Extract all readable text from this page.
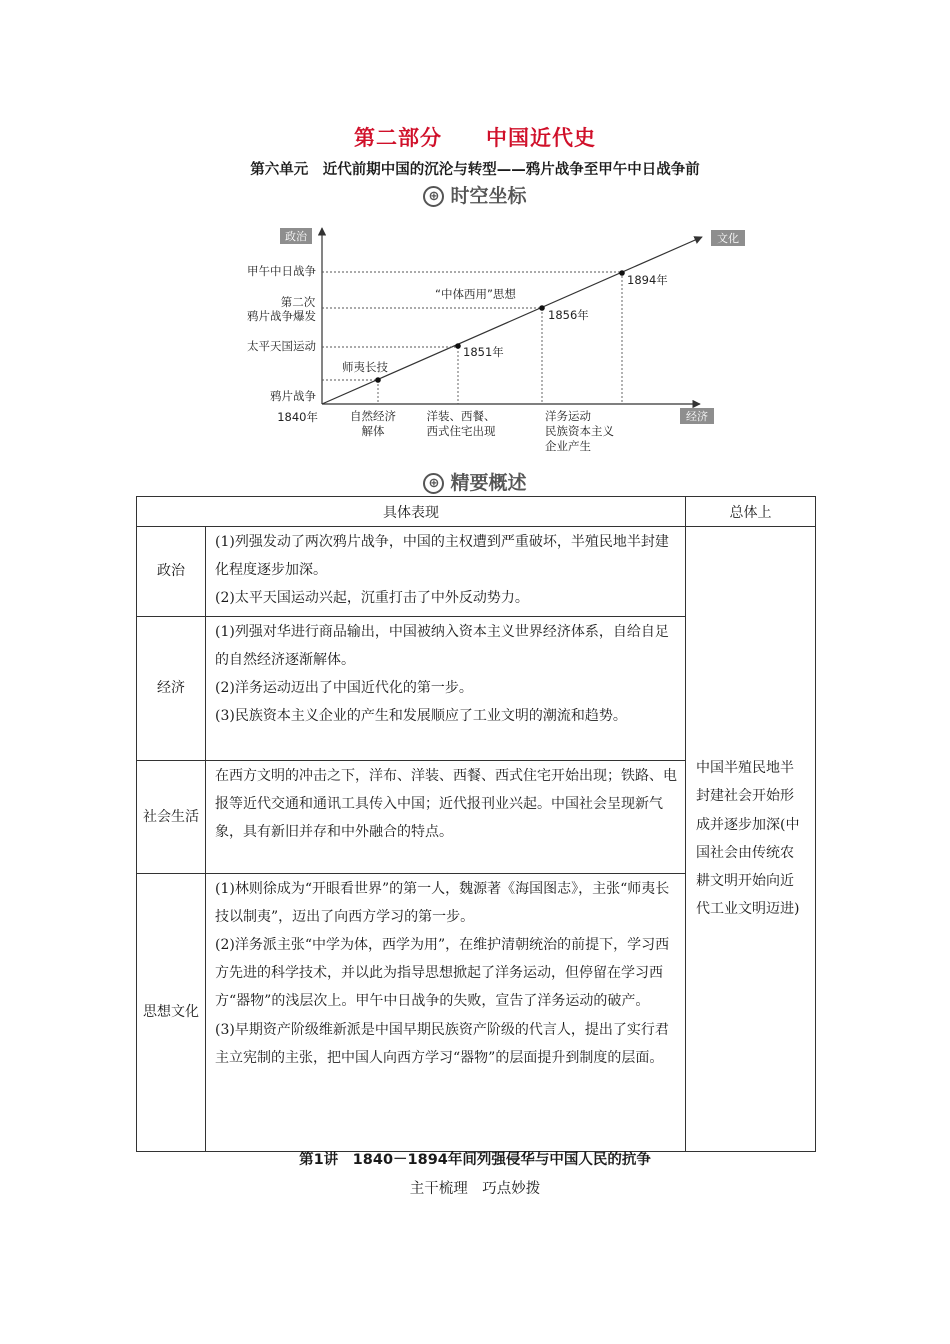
第二部分 中国近代史
第六单元　近代前期中国的沉沦与转型——鸦片战争至甲午中日战争前
⊕ 时空坐标
政治
经济
文化
甲午中日战争
第二次
鸦片战争爆发
太平天国运动
鸦片战争
1840年
师夷长技
1851年
1856年
1894年
“中体西用”思想
自然经济
解体
洋装、西餐、
西式住宅出现
洋务运动
民族资本主义
企业产生
⊕ 精要概述
具体表现		总体上
政治	(1)列强发动了两次鸦片战争，中国的主权遭到严重破坏，半殖民地半封建化程度逐步加深。

(2)太平天国运动兴起，沉重打击了中外反动势力。	中国半殖民地半封建社会开始形成并逐步加深(中国社会由传统农耕文明开始向近代工业文明迈进)
经济	(1)列强对华进行商品输出，中国被纳入资本主义世界经济体系，自给自足的自然经济逐渐解体。

(2)洋务运动迈出了中国近代化的第一步。

(3)民族资本主义企业的产生和发展顺应了工业文明的潮流和趋势。	

社会生活	在西方文明的冲击之下，洋布、洋装、西餐、西式住宅开始出现；铁路、电报等近代交通和通讯工具传入中国；近代报刊业兴起。中国社会呈现新气象，具有新旧并存和中外融合的特点。	

思想文化	(1)林则徐成为“开眼看世界”的第一人，魏源著《海国图志》，主张“师夷长技以制夷”，迈出了向西方学习的第一步。

(2)洋务派主张“中学为体，西学为用”，在维护清朝统治的前提下，学习西方先进的科学技术，并以此为指导思想掀起了洋务运动，但停留在学习西方“器物”的浅层次上。甲午中日战争的失败，宣告了洋务运动的破产。

(3)早期资产阶级维新派是中国早期民族资产阶级的代言人，提出了实行君主立宪制的主张，把中国人向西方学习“器物”的层面提升到制度的层面。	

第1讲　1840－1894年间列强侵华与中国人民的抗争
主干梳理　巧点妙拨
